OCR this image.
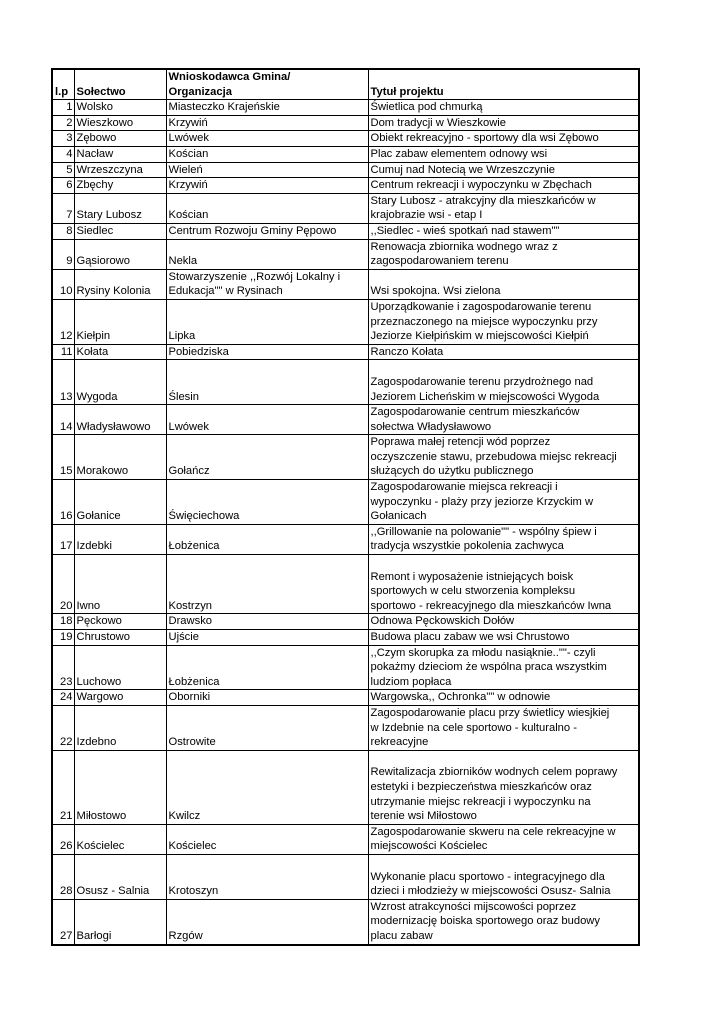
l.p	Sołectwo	Wnioskodawca Gmina/
Organizacja	Tytuł projektu
1	Wolsko	Miasteczko Krajeńskie	Świetlica pod chmurką
2	Wieszkowo	Krzywiń	Dom tradycji w Wieszkowie
3	Zębowo	Lwówek	Obiekt rekreacyjno - sportowy dla wsi Zębowo
4	Nacław	Kościan	Plac zabaw elementem odnowy wsi
5	Wrzeszczyna	Wieleń	Cumuj nad Notecią we Wrzeszczynie
6	Zbęchy	Krzywiń	Centrum rekreacji i wypoczynku w Zbęchach
7	Stary Lubosz	Kościan	Stary Lubosz - atrakcyjny dla mieszkańców w
krajobrazie wsi - etap I
8	Siedlec	Centrum Rozwoju Gminy Pępowo	,,Siedlec - wieś spotkań nad stawem""
9	Gąsiorowo	Nekla	Renowacja zbiornika wodnego wraz z
zagospodarowaniem terenu
10	Rysiny Kolonia	Stowarzyszenie ,,Rozwój Lokalny i
Edukacja"" w Rysinach	Wsi spokojna. Wsi zielona
12	Kiełpin	Lipka	Uporządkowanie i zagospodarowanie terenu
przeznaczonego na miejsce wypoczynku przy
Jeziorze Kiełpińskim w miejscowości Kiełpiń
11	Kołata	Pobiedziska	Ranczo Kołata
13	Wygoda	Ślesin	Zagospodarowanie terenu przydrożnego nad
Jeziorem Licheńskim w miejscowości Wygoda
14	Władysławowo	Lwówek	Zagospodarowanie centrum mieszkańców
sołectwa Władysławowo
15	Morakowo	Gołańcz	Poprawa małej retencji wód poprzez
oczyszczenie stawu, przebudowa miejsc rekreacji
służących do użytku publicznego
16	Gołanice	Święciechowa	Zagospodarowanie miejsca rekreacji i
wypoczynku - plaży przy jeziorze Krzyckim w
Gołanicach
17	Izdebki	Łobżenica	,,Grillowanie na polowanie"" - wspólny śpiew i
tradycja wszystkie pokolenia zachwyca
20	Iwno	Kostrzyn	Remont i wyposażenie istniejących boisk
sportowych w celu stworzenia kompleksu
sportowo - rekreacyjnego dla mieszkańców Iwna
18	Pęckowo	Drawsko	Odnowa Pęckowskich Dołów
19	Chrustowo	Ujście	Budowa placu zabaw we wsi Chrustowo
23	Luchowo	Łobżenica	,,Czym skorupka za młodu nasiąknie..""- czyli
pokażmy dzieciom że wspólna praca wszystkim
ludziom popłaca
24	Wargowo	Oborniki	Wargowska,, Ochronka"" w odnowie
22	Izdebno	Ostrowite	Zagospodarowanie placu przy świetlicy wiesjkiej
w Izdebnie na cele sportowo - kulturalno -
rekreacyjne
21	Miłostowo	Kwilcz	Rewitalizacja zbiorników wodnych celem poprawy
estetyki i bezpieczeństwa mieszkańców oraz
utrzymanie miejsc rekreacji i wypoczynku na
terenie wsi Miłostowo
26	Kościelec	Kościelec	Zagospodarowanie skweru na cele rekreacyjne w
miejscowości Kościelec
28	Osusz - Salnia	Krotoszyn	Wykonanie placu sportowo - integracyjnego dla
dzieci i młodzieży w miejscowości Osusz- Salnia
27	Barłogi	Rzgów	Wzrost atrakcyności mijscowości poprzez
modernizację boiska sportowego oraz budowy
placu zabaw
